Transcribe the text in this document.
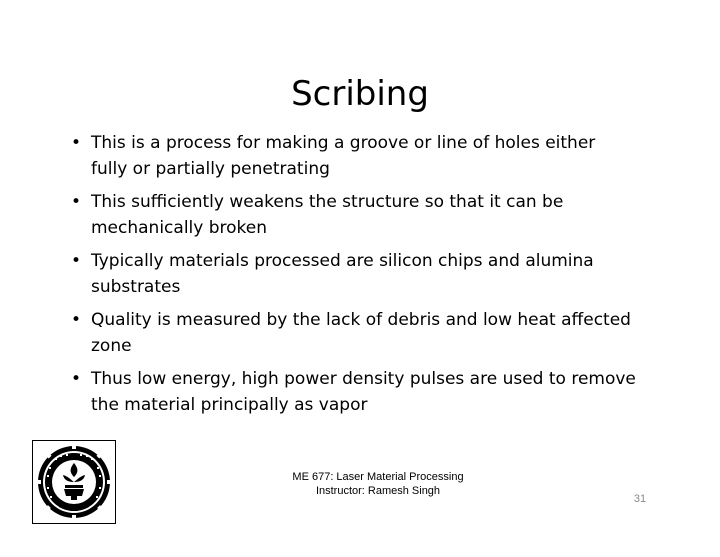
Scribing
• This is a process for making a groove or line of holes either fully or partially penetrating
• This sufficiently weakens the structure so that it can be mechanically broken
• Typically materials processed are silicon chips and alumina substrates
• Quality is measured by the lack of debris and low heat affected zone
• Thus low energy, high power density pulses are used to remove the material principally as vapor
ME 677: Laser Material Processing
Instructor: Ramesh Singh
31
